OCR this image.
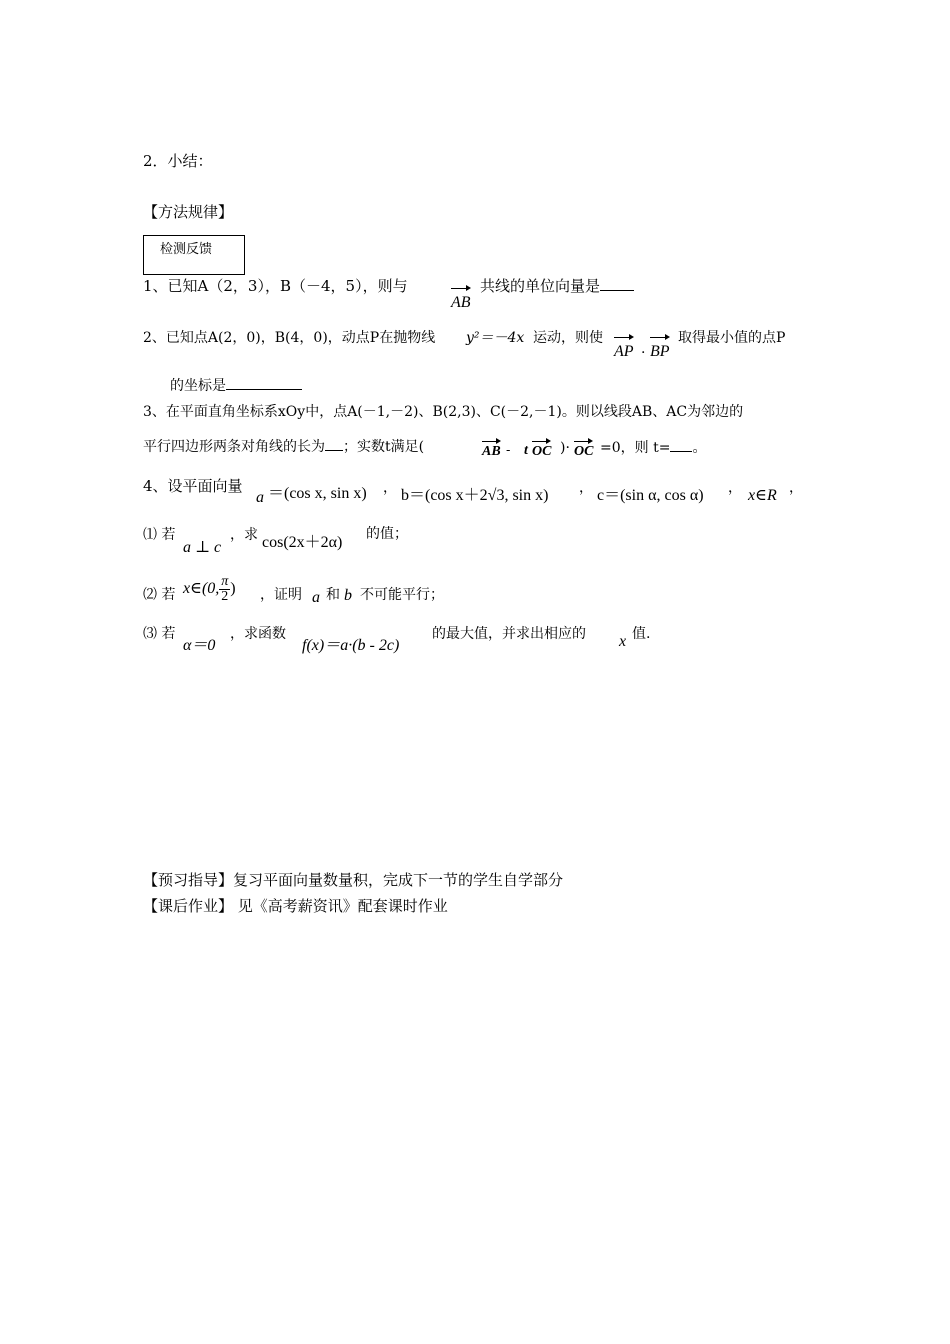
2．小结：
【方法规律】
检测反馈
1、已知A（2，3），B（－4，5），则与
AB
共线的单位向量是
2、已知点A(2，0)，B(4，0)，动点P在抛物线 y²＝－4x 运动，则使
AP · BP
取得最小值的点P
的坐标是
3、在平面直角坐标系xOy中，点A(－1,－2)、B(2,3)、C(－2,－1)。则以线段AB、AC为邻边的
平行四边形两条对角线的长为 ；实数t满足(	AB - t OC )· OC =0，则 t= 。
4、设平面向量
a ＝(cos x, sin x) ， b＝(cos x＋2√3, sin x) ， c＝(sin α, cos α) ， x∈R ，
⑴ 若
a ⊥ c
，求 cos(2x＋2α) 的值；
⑵ 若 x∈(0, $\frac{\pi}{2}$ ) ，证明 a 和 b 不可能平行；
⑶ 若
α＝0
，求函数
f(x)＝a·(b - 2c)
的最大值，并求出相应的 x 值.
【预习指导】复习平面向量数量积，完成下一节的学生自学部分
【课后作业】 见《高考薪资讯》配套课时作业
